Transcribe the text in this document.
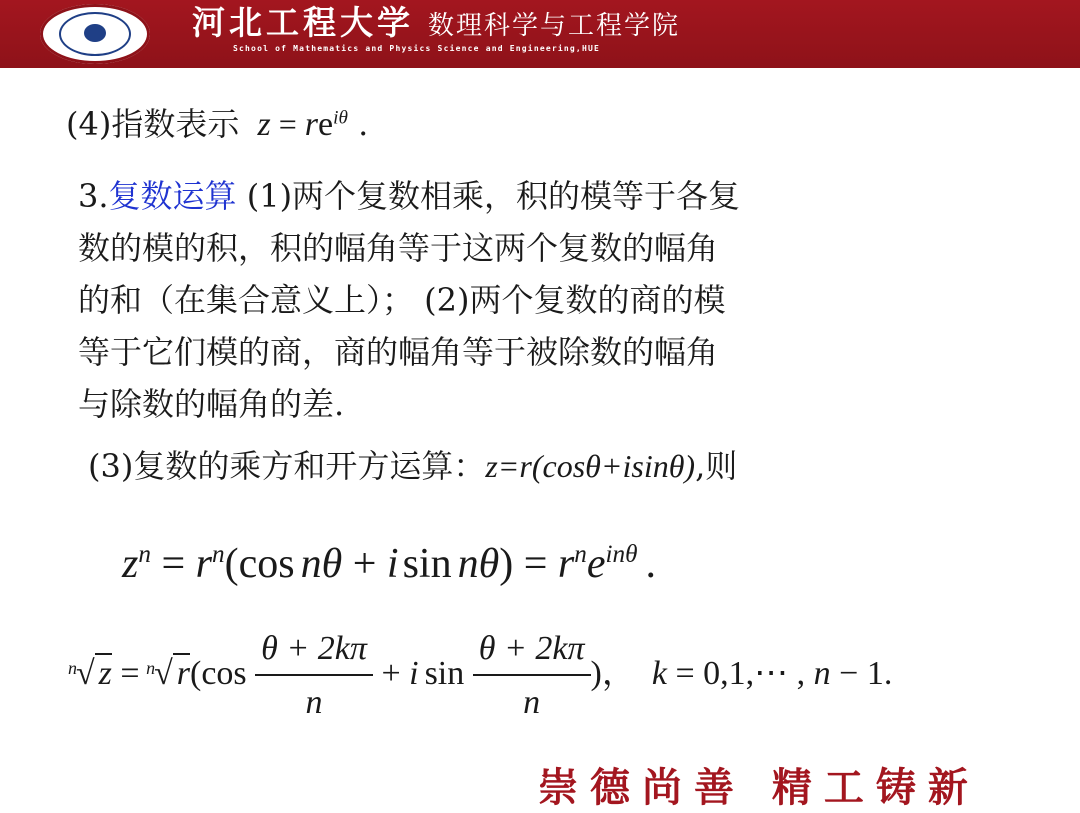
河北工程大学 数理科学与工程学院
School of Mathematics and Physics Science and Engineering,HUE
(4)指数表示 $z = re^{i\theta}$ .
3.复数运算 (1)两个复数相乘，积的模等于各复
数的模的积，积的幅角等于这两个复数的幅角
的和（在集合意义上）； (2)两个复数的商的模
等于它们模的商，商的幅角等于被除数的幅角
与除数的幅角的差.
(3)复数的乘方和开方运算：z=r(cosθ+isinθ),则
$z^n = r^n(\cos$ nθ + isin $n\theta) = r^ne^{in\theta}$ .
n √ z =
n √ $r(\cos \frac{\theta + 2k\pi}{n} + i$ $\sin \frac{\theta + 2k\pi}{n}$ )， k = 0,1,⋯ , n − 1.
崇德尚善 精工铸新
